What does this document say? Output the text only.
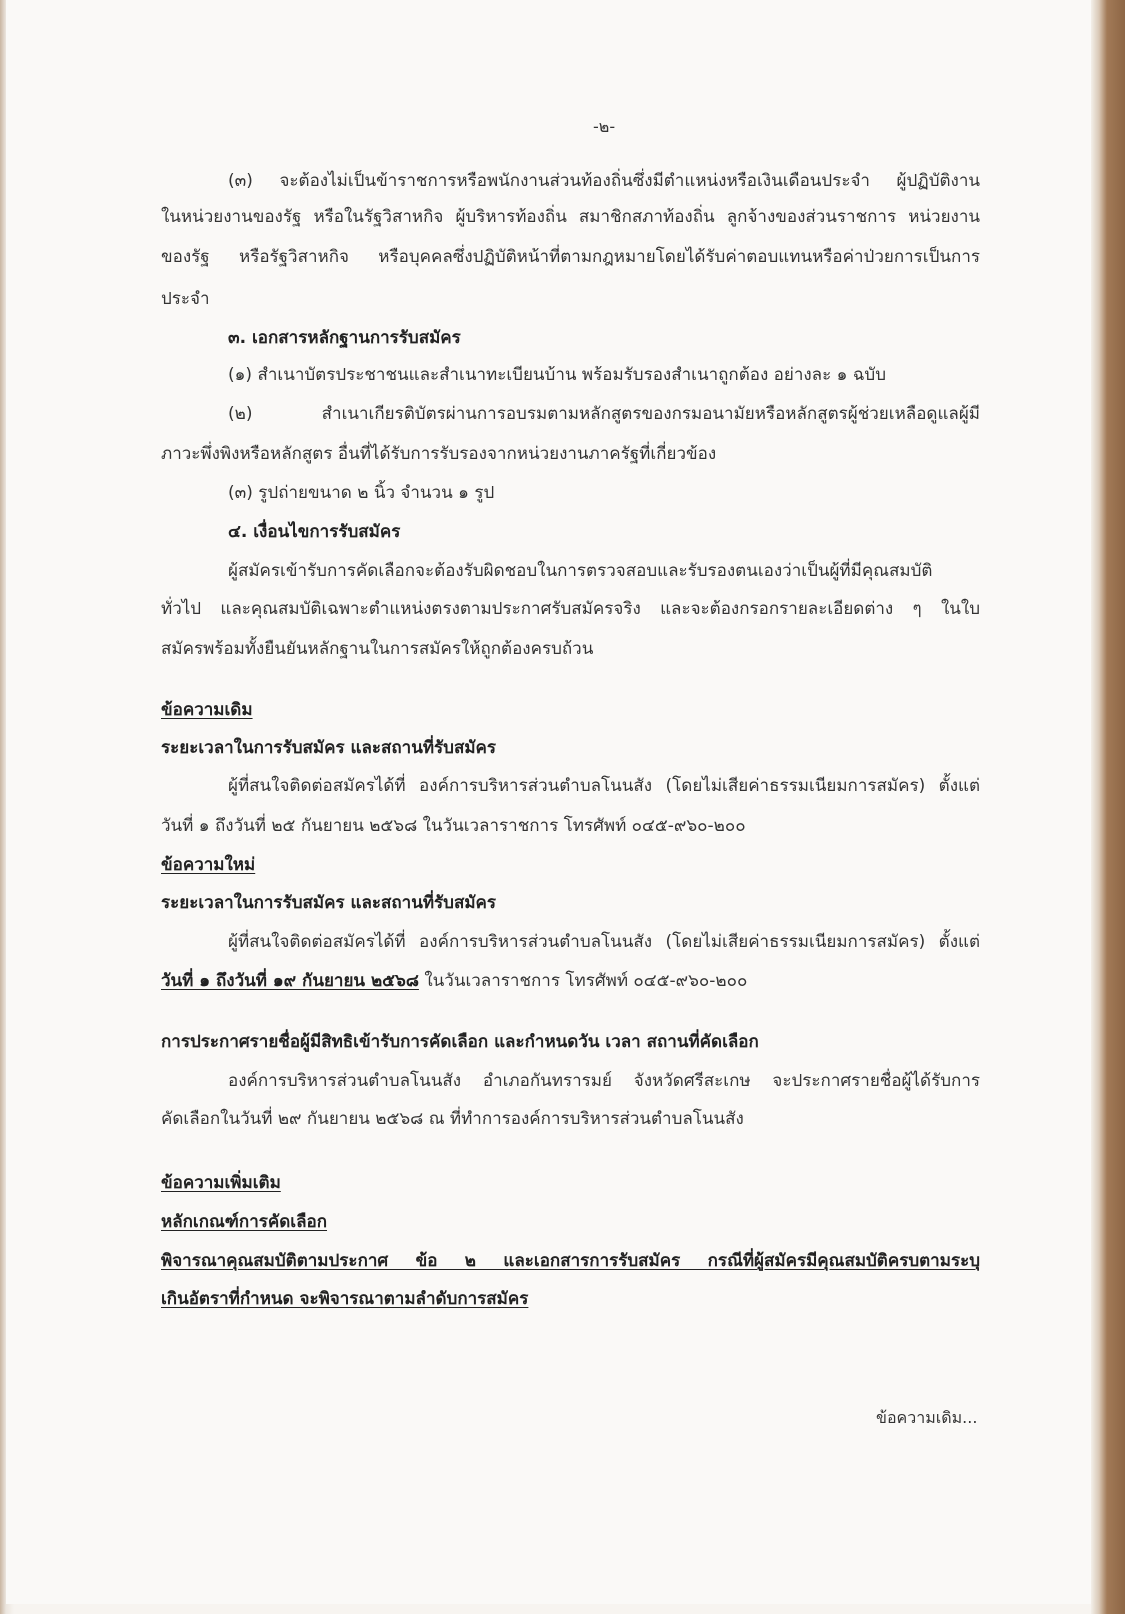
-๒-
(๓) จะต้องไม่เป็นข้าราชการหรือพนักงานส่วนท้องถิ่นซึ่งมีตำแหน่งหรือเงินเดือนประจำ ผู้ปฏิบัติงาน
ในหน่วยงานของรัฐ หรือในรัฐวิสาหกิจ ผู้บริหารท้องถิ่น สมาชิกสภาท้องถิ่น ลูกจ้างของส่วนราชการ หน่วยงาน
ของรัฐ หรือรัฐวิสาหกิจ หรือบุคคลซึ่งปฏิบัติหน้าที่ตามกฎหมายโดยได้รับค่าตอบแทนหรือค่าป่วยการเป็นการ
ประจำ
๓. เอกสารหลักฐานการรับสมัคร
(๑) สำเนาบัตรประชาชนและสำเนาทะเบียนบ้าน พร้อมรับรองสำเนาถูกต้อง อย่างละ ๑ ฉบับ
(๒) สำเนาเกียรติบัตรผ่านการอบรมตามหลักสูตรของกรมอนามัยหรือหลักสูตรผู้ช่วยเหลือดูแลผู้มี
ภาวะพึ่งพิงหรือหลักสูตร อื่นที่ได้รับการรับรองจากหน่วยงานภาครัฐที่เกี่ยวข้อง
(๓) รูปถ่ายขนาด ๒ นิ้ว จำนวน ๑ รูป
๔. เงื่อนไขการรับสมัคร
ผู้สมัครเข้ารับการคัดเลือกจะต้องรับผิดชอบในการตรวจสอบและรับรองตนเองว่าเป็นผู้ที่มีคุณสมบัติ
ทั่วไป และคุณสมบัติเฉพาะตำแหน่งตรงตามประกาศรับสมัครจริง และจะต้องกรอกรายละเอียดต่าง ๆ ในใบ
สมัครพร้อมทั้งยืนยันหลักฐานในการสมัครให้ถูกต้องครบถ้วน
ข้อความเดิม
ระยะเวลาในการรับสมัคร และสถานที่รับสมัคร
ผู้ที่สนใจติดต่อสมัครได้ที่ องค์การบริหารส่วนตำบลโนนสัง (โดยไม่เสียค่าธรรมเนียมการสมัคร) ตั้งแต่
วันที่ ๑ ถึงวันที่ ๒๕ กันยายน ๒๕๖๘ ในวันเวลาราชการ โทรศัพท์ ๐๔๕-๙๖๐-๒๐๐
ข้อความใหม่
ระยะเวลาในการรับสมัคร และสถานที่รับสมัคร
ผู้ที่สนใจติดต่อสมัครได้ที่ องค์การบริหารส่วนตำบลโนนสัง (โดยไม่เสียค่าธรรมเนียมการสมัคร) ตั้งแต่
วันที่ ๑ ถึงวันที่ ๑๙ กันยายน ๒๕๖๘ ในวันเวลาราชการ โทรศัพท์ ๐๔๕-๙๖๐-๒๐๐
การประกาศรายชื่อผู้มีสิทธิเข้ารับการคัดเลือก และกำหนดวัน เวลา สถานที่คัดเลือก
องค์การบริหารส่วนตำบลโนนสัง อำเภอกันทรารมย์ จังหวัดศรีสะเกษ จะประกาศรายชื่อผู้ได้รับการ
คัดเลือกในวันที่ ๒๙ กันยายน ๒๕๖๘ ณ ที่ทำการองค์การบริหารส่วนตำบลโนนสัง
ข้อความเพิ่มเติม
หลักเกณฑ์การคัดเลือก
พิจารณาคุณสมบัติตามประกาศ ข้อ ๒ และเอกสารการรับสมัคร กรณีที่ผู้สมัครมีคุณสมบัติครบตามระบุ
เกินอัตราที่กำหนด จะพิจารณาตามลำดับการสมัคร
ข้อความเดิม...
